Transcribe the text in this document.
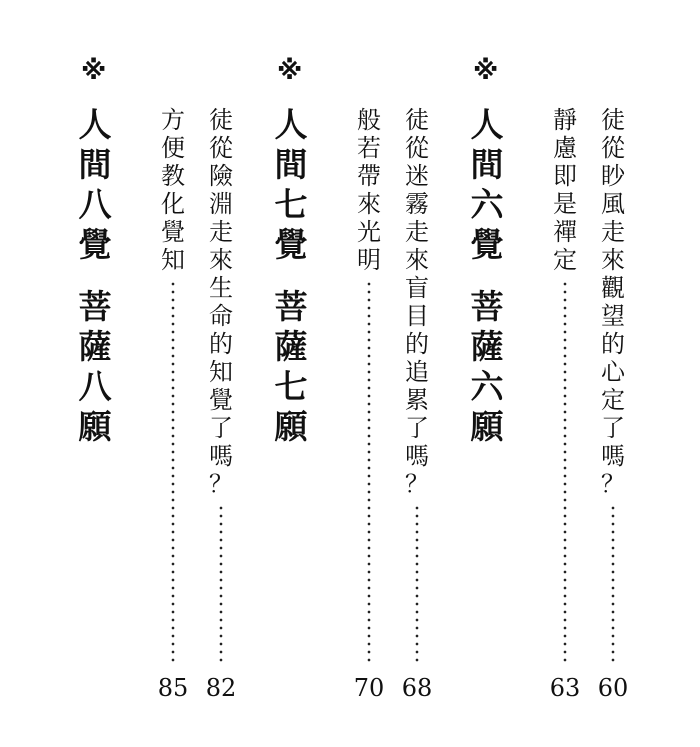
※
人
間
六
覺
菩
薩
六
願
徒
從
眇
風
走
來
觀
望
的
心
定
了
嗎
？
60
靜
慮
即
是
禪
定
63
※
人
間
七
覺
菩
薩
七
願
徒
從
迷
霧
走
來
盲
目
的
追
累
了
嗎
？
68
般
若
帶
來
光
明
70
※
人
間
八
覺
菩
薩
八
願
徒
從
險
淵
走
來
生
命
的
知
覺
了
嗎
？
82
方
便
教
化
覺
知
85
